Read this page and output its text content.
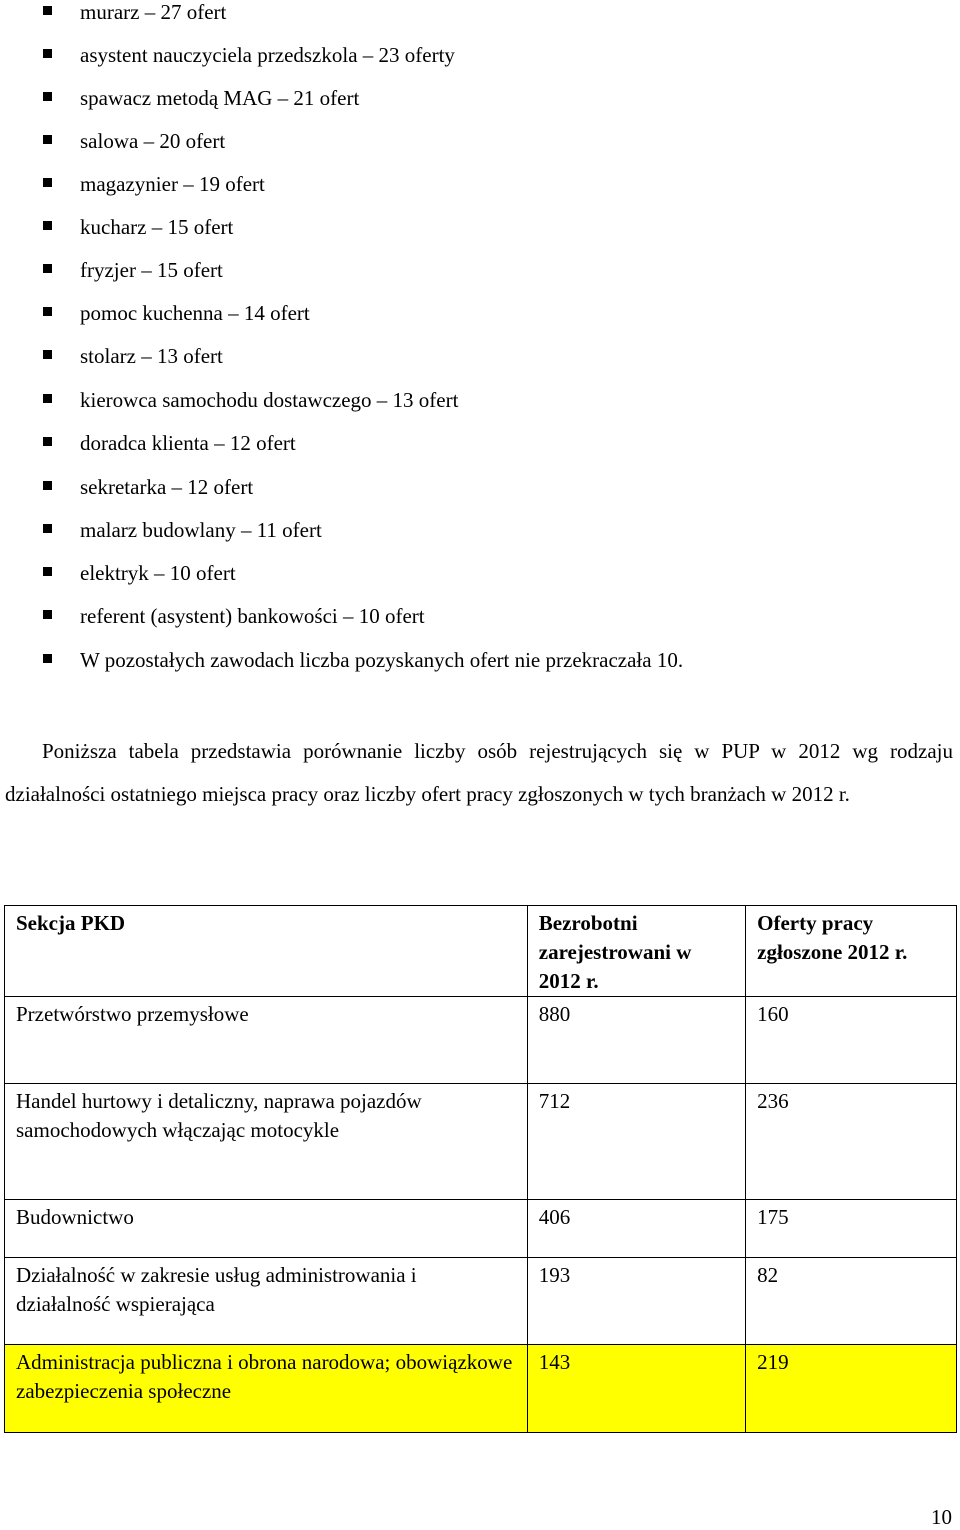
murarz – 27 ofert
asystent nauczyciela przedszkola – 23 oferty
spawacz metodą MAG – 21 ofert
salowa – 20 ofert
magazynier – 19 ofert
kucharz – 15 ofert
fryzjer – 15 ofert
pomoc kuchenna – 14 ofert
stolarz – 13 ofert
kierowca samochodu dostawczego – 13 ofert
doradca klienta – 12 ofert
sekretarka – 12 ofert
malarz budowlany – 11 ofert
elektryk – 10 ofert
referent (asystent) bankowości – 10 ofert
W pozostałych zawodach liczba pozyskanych ofert nie przekraczała 10.

Poniższa tabela przedstawia porównanie liczby osób rejestrujących się w PUP w 2012 wg rodzaju działalności ostatniego miejsca pracy oraz liczby ofert pracy zgłoszonych w tych branżach w 2012 r.

Sekcja PKD	Bezrobotni zarejestrowani w 2012 r.	Oferty pracy zgłoszone 2012 r.
Przetwórstwo przemysłowe	880	160
Handel hurtowy i detaliczny, naprawa pojazdów samochodowych włączając motocykle	712	236
Budownictwo	406	175
Działalność w zakresie usług administrowania i działalność wspierająca	193	82
Administracja publiczna i obrona narodowa; obowiązkowe zabezpieczenia społeczne	143	219
10
